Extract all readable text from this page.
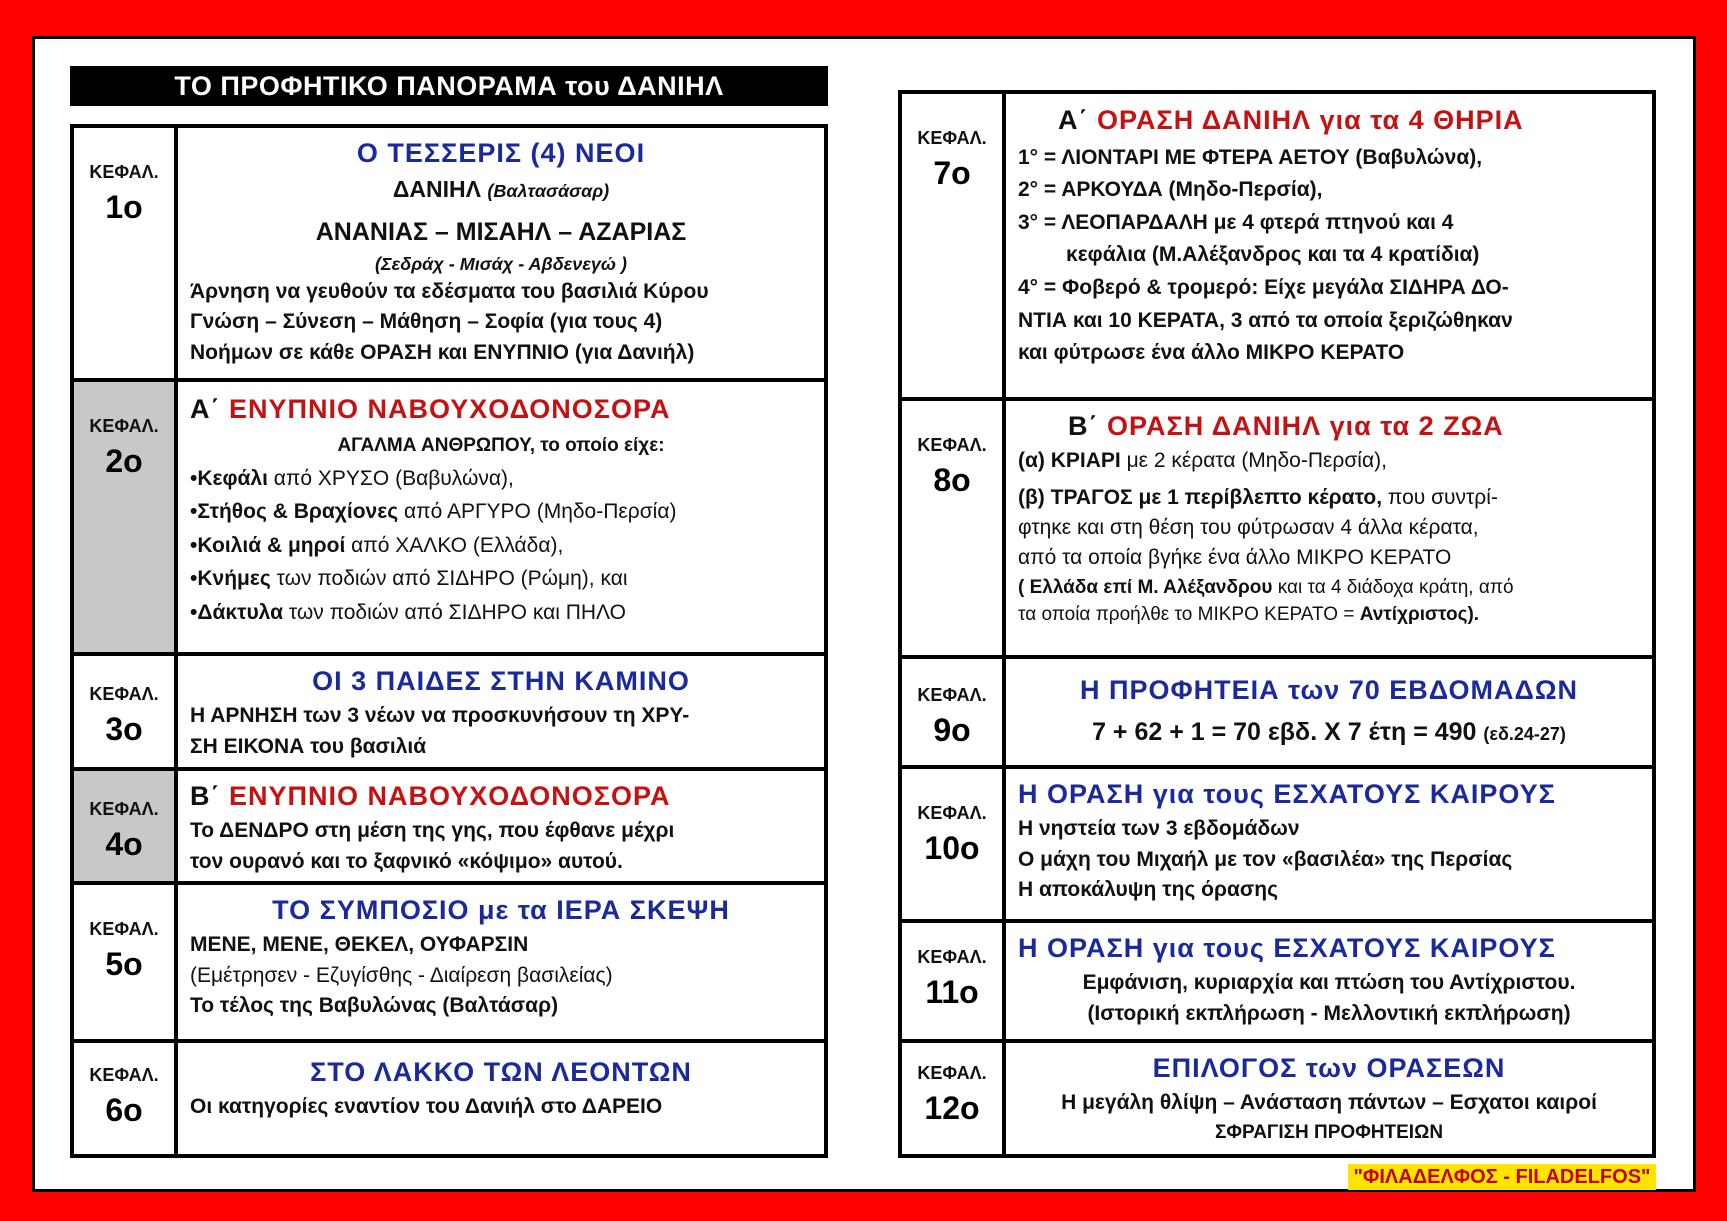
ΤΟ ΠΡΟΦΗΤΙΚΟ ΠΑΝΟΡΑΜΑ του ΔΑΝΙΗΛ
ΚΕΦΑΛ.
1ο
Ο ΤΕΣΣΕΡΙΣ (4) ΝΕΟΙ
ΔΑΝΙΗΛ (Βαλτασάσαρ)
ΑΝΑΝΙΑΣ – ΜΙΣΑΗΛ – ΑΖΑΡΙΑΣ
(Σεδράχ - Μισάχ - Αβδενεγώ )
Άρνηση να γευθούν τα εδέσματα του βασιλιά Κύρου
Γνώση – Σύνεση – Μάθηση – Σοφία (για τους 4)
Νοήμων σε κάθε ΟΡΑΣΗ και ΕΝΥΠΝΙΟ (για Δανιήλ)
ΚΕΦΑΛ.
2ο
Α΄ ΕΝΥΠΝΙΟ ΝΑΒΟΥΧΟΔΟΝΟΣΟΡΑ
ΑΓΑΛΜΑ ΑΝΘΡΩΠΟΥ, το οποίο είχε:
•Κεφάλι από ΧΡΥΣΟ (Βαβυλώνα),
•Στήθος & Βραχίονες από ΑΡΓΥΡΟ (Μηδο-Περσία)
•Κοιλιά & μηροί από ΧΑΛΚΟ (Ελλάδα),
•Κνήμες των ποδιών από ΣΙΔΗΡΟ (Ρώμη), και
•Δάκτυλα των ποδιών από ΣΙΔΗΡΟ και ΠΗΛΟ
ΚΕΦΑΛ.
3ο
ΟΙ 3 ΠΑΙΔΕΣ ΣΤΗΝ ΚΑΜΙΝΟ
Η ΑΡΝΗΣΗ των 3 νέων να προσκυνήσουν τη ΧΡΥ-
ΣΗ ΕΙΚΟΝΑ του βασιλιά
ΚΕΦΑΛ.
4ο
Β΄ ΕΝΥΠΝΙΟ ΝΑΒΟΥΧΟΔΟΝΟΣΟΡΑ
Το ΔΕΝΔΡΟ στη μέση της γης, που έφθανε μέχρι
τον ουρανό και το ξαφνικό «κόψιμο» αυτού.
ΚΕΦΑΛ.
5ο
ΤΟ ΣΥΜΠΟΣΙΟ με τα ΙΕΡΑ ΣΚΕΨΗ
ΜΕΝΕ, ΜΕΝΕ, ΘΕΚΕΛ, ΟΥΦΑΡΣΙΝ
(Εμέτρησεν - Εζυγίσθης - Διαίρεση βασιλείας)
Το τέλος της Βαβυλώνας (Βαλτάσαρ)
ΚΕΦΑΛ.
6ο
ΣΤΟ ΛΑΚΚΟ ΤΩΝ ΛΕΟΝΤΩΝ
Οι κατηγορίες εναντίον του Δανιήλ στο ΔΑΡΕΙΟ
ΚΕΦΑΛ.
7ο
Α΄ ΟΡΑΣΗ ΔΑΝΙΗΛ για τα 4 ΘΗΡΙΑ
1° = ΛΙΟΝΤΑΡΙ ΜΕ ΦΤΕΡΑ ΑΕΤΟΥ (Βαβυλώνα),
2° = ΑΡΚΟΥΔΑ (Μηδο-Περσία),
3° = ΛΕΟΠΑΡΔΑΛΗ με 4 φτερά πτηνού και 4
κεφάλια (Μ.Αλέξανδρος και τα 4 κρατίδια)
4° = Φοβερό & τρομερό: Είχε μεγάλα ΣΙΔΗΡΑ ΔΟ-
ΝΤΙΑ και 10 ΚΕΡΑΤΑ, 3 από τα οποία ξεριζώθηκαν
και φύτρωσε ένα άλλο ΜΙΚΡΟ ΚΕΡΑΤΟ
ΚΕΦΑΛ.
8ο
Β΄ ΟΡΑΣΗ ΔΑΝΙΗΛ για τα 2 ΖΩΑ
(α) ΚΡΙΑΡΙ με 2 κέρατα (Μηδο-Περσία),
(β) ΤΡΑΓΟΣ με 1 περίβλεπτο κέρατο, που συντρί-
φτηκε και στη θέση του φύτρωσαν 4 άλλα κέρατα,
από τα οποία βγήκε ένα άλλο ΜΙΚΡΟ ΚΕΡΑΤΟ
( Ελλάδα επί Μ. Αλέξανδρου και τα 4 διάδοχα κράτη, από
τα οποία προήλθε το ΜΙΚΡΟ ΚΕΡΑΤΟ = Αντίχριστος).
ΚΕΦΑΛ.
9ο
Η ΠΡΟΦΗΤΕΙΑ των 70 ΕΒΔΟΜΑΔΩΝ
7 + 62 + 1 = 70 εβδ. Χ 7 έτη = 490 (εδ.24-27)
ΚΕΦΑΛ.
10ο
Η ΟΡΑΣΗ για τους ΕΣΧΑΤΟΥΣ ΚΑΙΡΟΥΣ
Η νηστεία των 3 εβδομάδων
Ο μάχη του Μιχαήλ με τον «βασιλέα» της Περσίας
Η αποκάλυψη της όρασης
ΚΕΦΑΛ.
11ο
Η ΟΡΑΣΗ για τους ΕΣΧΑΤΟΥΣ ΚΑΙΡΟΥΣ
Εμφάνιση, κυριαρχία και πτώση του Αντίχριστου.
(Ιστορική εκπλήρωση - Μελλοντική εκπλήρωση)
ΚΕΦΑΛ.
12ο
ΕΠΙΛΟΓΟΣ των ΟΡΑΣΕΩΝ
Η μεγάλη θλίψη – Ανάσταση πάντων – Εσχατοι καιροί
ΣΦΡΑΓΙΣΗ ΠΡΟΦΗΤΕΙΩΝ
"ΦΙΛΑΔΕΛΦΟΣ - FILADELFOS"
